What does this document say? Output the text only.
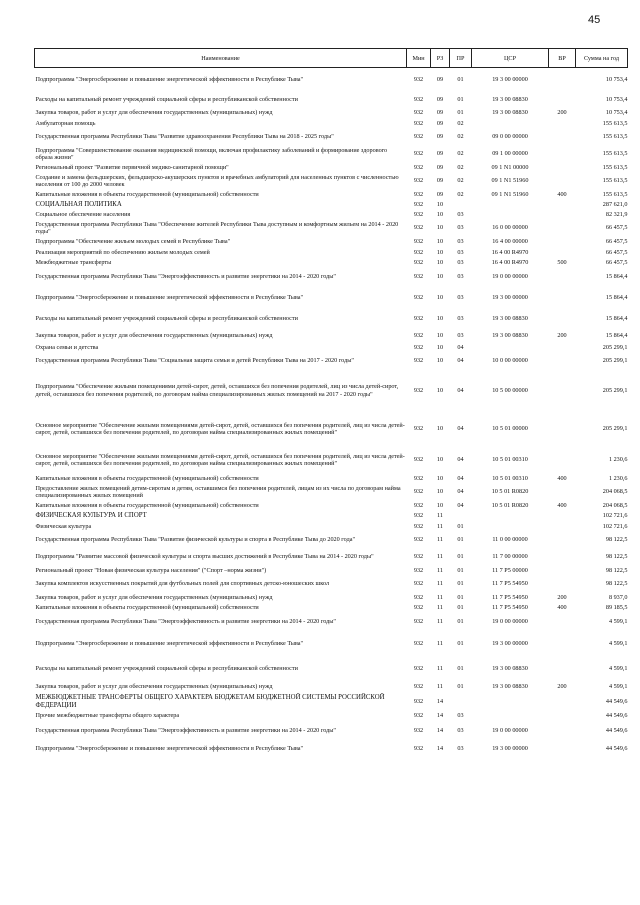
45
Наименование	Мин	РЗ	ПР	ЦСР	ВР	Сумма на год
Подпрограмма "Энергосбережение и повышение энергетической эффективности в Республике Тыва"	932	09	01	19 3 00 00000		10 753,4
Расходы на капитальный ремонт учреждений социальной сферы и республиканской собственности	932	09	01	19 3 00 08830		10 753,4
Закупка товаров, работ и услуг для обеспечения государственных (муниципальных) нужд	932	09	01	19 3 00 08830	200	10 753,4
Амбулаторная помощь	932	09	02			155 613,5
Государственная программа Республики Тыва "Развитие здравоохранения Республики Тыва на 2018 - 2025 годы"	932	09	02	09 0 00 00000		155 613,5
Подпрограмма "Совершенствование оказания медицинской помощи, включая профилактику заболеваний и формирование здорового образа жизни"	932	09	02	09 1 00 00000		155 613,5
Региональный проект "Развитие первичной медико-санитарной помощи"	932	09	02	09 1 N1 00000		155 613,5
Создание и замена фельдшерских, фельдшерско-акушерских пунктов и врачебных амбулаторий для населенных пунктов с численностью населения от 100 до 2000 человек	932	09	02	09 1 N1 51960		155 613,5
Капитальные вложения в объекты государственной (муниципальной) собственности	932	09	02	09 1 N1 51960	400	155 613,5
СОЦИАЛЬНАЯ ПОЛИТИКА	932	10				287 621,0
Социальное обеспечение населения	932	10	03			82 321,9
Государственная программа Республики Тыва "Обеспечение жителей Республики Тыва доступным и комфортным жильем на 2014 - 2020 годы"	932	10	03	16 0 00 00000		66 457,5
Подпрограмма "Обеспечение жильем молодых семей в Республике Тыва"	932	10	03	16 4 00 00000		66 457,5
Реализация мероприятий по обеспечению жильем молодых семей	932	10	03	16 4 00 R4970		66 457,5
Межбюджетные трансферты	932	10	03	16 4 00 R4970	500	66 457,5
Государственная программа Республики Тыва "Энергоэффективность и развитие энергетики на 2014 - 2020 годы"	932	10	03	19 0 00 00000		15 864,4
Подпрограмма "Энергосбережение и повышение энергетической эффективности в Республике Тыва"	932	10	03	19 3 00 00000		15 864,4
Расходы на капитальный ремонт учреждений социальной сферы и республиканской собственности	932	10	03	19 3 00 08830		15 864,4
Закупка товаров, работ и услуг для обеспечения государственных (муниципальных) нужд	932	10	03	19 3 00 08830	200	15 864,4
Охрана семьи и детства	932	10	04			205 299,1
Государственная программа Республики Тыва "Социальная защита семьи и детей Республики Тыва на 2017 - 2020 годы"	932	10	04	10 0 00 00000		205 299,1
Подпрограмма "Обеспечение жилыми помещениями детей-сирот, детей, оставшихся без попечения родителей, лиц из числа детей-сирот, детей, оставшихся без попечения родителей, по договорам найма специализированных жилых помещений на 2017 - 2020 годы"	932	10	04	10 5 00 00000		205 299,1
Основное мероприятие "Обеспечение жилыми помещениями детей-сирот, детей, оставшихся без попечения родителей, лиц из числа детей-сирот, детей, оставшихся без попечения родителей, по договорам найма специализированных жилых помещений"	932	10	04	10 5 01 00000		205 299,1
Основное мероприятие "Обеспечение жилыми помещениями детей-сирот, детей, оставшихся без попечения родителей, лиц из числа детей-сирот, детей, оставшихся без попечения родителей, по договорам найма специализированных жилых помещений"	932	10	04	10 5 01 00310		1 230,6
Капитальные вложения в объекты государственной (муниципальной) собственности	932	10	04	10 5 01 00310	400	1 230,6
Предоставление жилых помещений детям-сиротам и детям, оставшимся без попечения родителей, лицам из их числа по договорам найма специализированных жилых помещений	932	10	04	10 5 01 R0820		204 068,5
Капитальные вложения в объекты государственной (муниципальной) собственности	932	10	04	10 5 01 R0820	400	204 068,5
ФИЗИЧЕСКАЯ КУЛЬТУРА И СПОРТ	932	11				102 721,6
Физическая культура	932	11	01			102 721,6
Государственная программа Республики Тыва "Развитие физической культуры и спорта в Республике Тыва до 2020 года"	932	11	01	11 0 00 00000		98 122,5
Подпрограмма "Развитие массовой физической культуры и спорта высших достижений в Республике Тыва на 2014 - 2020 годы"	932	11	01	11 7 00 00000		98 122,5
Региональный проект "Новая физическая культура населения" ("Спорт –норма жизни")	932	11	01	11 7 P5 00000		98 122,5
Закупка комплектов искусственных покрытий для футбольных полей для спортивных детско-юношеских школ	932	11	01	11 7 P5 54950		98 122,5
Закупка товаров, работ и услуг для обеспечения государственных (муниципальных) нужд	932	11	01	11 7 P5 54950	200	8 937,0
Капитальные вложения в объекты государственной (муниципальной) собственности	932	11	01	11 7 P5 54950	400	89 185,5
Государственная программа Республики Тыва "Энергоэффективность и развитие энергетики на 2014 - 2020 годы"	932	11	01	19 0 00 00000		4 599,1
Подпрограмма "Энергосбережение и повышение энергетической эффективности в Республике Тыва"	932	11	01	19 3 00 00000		4 599,1
Расходы на капитальный ремонт учреждений социальной сферы и республиканской собственности	932	11	01	19 3 00 08830		4 599,1
Закупка товаров, работ и услуг для обеспечения государственных (муниципальных) нужд	932	11	01	19 3 00 08830	200	4 599,1
МЕЖБЮДЖЕТНЫЕ ТРАНСФЕРТЫ ОБЩЕГО ХАРАКТЕРА БЮДЖЕТАМ БЮДЖЕТНОЙ СИСТЕМЫ РОССИЙСКОЙ ФЕДЕРАЦИИ	932	14				44 549,6
Прочие межбюджетные трансферты общего характера	932	14	03			44 549,6
Государственная программа Республики Тыва "Энергоэффективность и развитие энергетики на 2014 - 2020 годы"	932	14	03	19 0 00 00000		44 549,6
Подпрограмма "Энергосбережение и повышение энергетической эффективности в Республике Тыва"	932	14	03	19 3 00 00000		44 549,6
